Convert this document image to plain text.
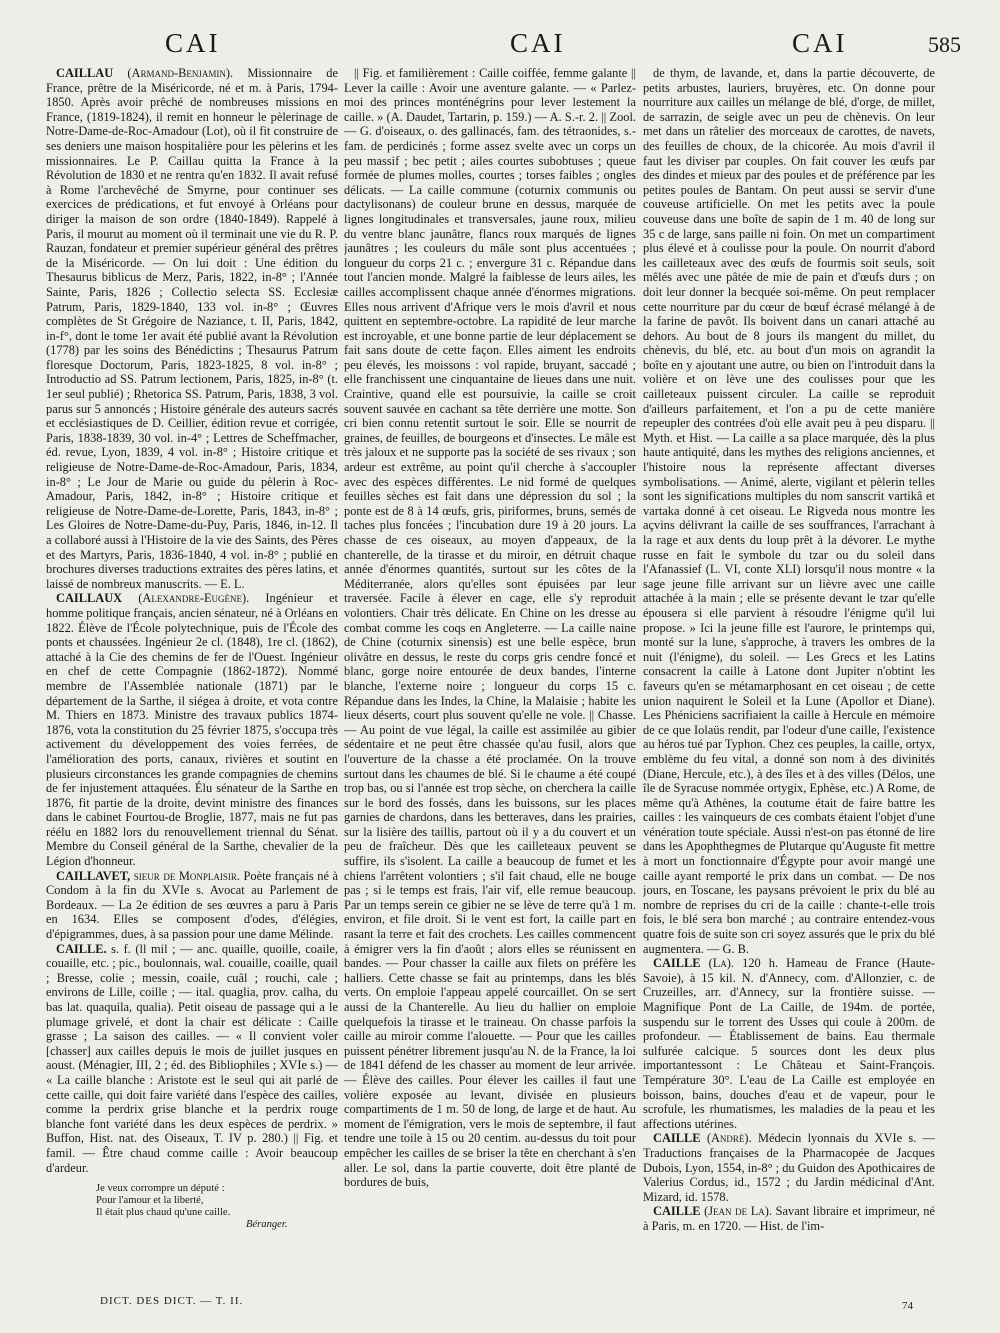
CAI	CAI	CAI	585

CAILLAU (Armand-Benjamin). Missionnaire de France, prêtre de la Miséricorde, né et m. à Paris, 1794-1850. Après avoir prêché de nombreuses missions en France, (1819-1824), il remit en honneur le pèlerinage de Notre-Dame-de-Roc-Amadour (Lot), où il fit construire de ses deniers une maison hospitalière pour les pèlerins et les missionnaires. Le P. Caillau quitta la France à la Révolution de 1830 et ne rentra qu'en 1832. Il avait refusé à Rome l'archevêché de Smyrne, pour continuer ses exercices de prédications, et fut envoyé à Orléans pour diriger la maison de son ordre (1840-1849). Rappelé à Paris, il mourut au moment où il terminait une vie du R. P. Rauzan, fondateur et premier supérieur général des prêtres de la Miséricorde. — On lui doit : Une édition du Thesaurus biblicus de Merz, Paris, 1822, in-8° ; l'Année Sainte, Paris, 1826 ; Collectio selecta SS. Ecclesiæ Patrum, Paris, 1829-1840, 133 vol. in-8° ; Œuvres complètes de St Grégoire de Naziance, t. II, Paris, 1842, in-f°, dont le tome 1er avait été publié avant la Révolution (1778) par les soins des Bénédictins ; Thesaurus Patrum floresque Doctorum, Paris, 1823-1825, 8 vol. in-8° ; Introductio ad SS. Patrum lectionem, Paris, 1825, in-8° (t. 1er seul publié) ; Rhetorica SS. Patrum, Paris, 1838, 3 vol. parus sur 5 annoncés ; Histoire générale des auteurs sacrés et ecclésiastiques de D. Ceillier, édition revue et corrigée, Paris, 1838-1839, 30 vol. in-4° ; Lettres de Scheffmacher, éd. revue, Lyon, 1839, 4 vol. in-8° ; Histoire critique et religieuse de Notre-Dame-de-Roc-Amadour, Paris, 1834, in-8° ; Le Jour de Marie ou guide du pèlerin à Roc-Amadour, Paris, 1842, in-8° ; Histoire critique et religieuse de Notre-Dame-de-Lorette, Paris, 1843, in-8° ; Les Gloires de Notre-Dame-du-Puy, Paris, 1846, in-12. Il a collaboré aussi à l'Histoire de la vie des Saints, des Pères et des Martyrs, Paris, 1836-1840, 4 vol. in-8° ; publié en brochures diverses traductions extraites des pères latins, et laissé de nombreux manuscrits. — E. L.

CAILLAUX (Alexandre-Eugène). Ingénieur et homme politique français, ancien sénateur, né à Orléans en 1822. Élève de l'École polytechnique, puis de l'École des ponts et chaussées. Ingénieur 2e cl. (1848), 1re cl. (1862), attaché à la Cie des chemins de fer de l'Ouest. Ingénieur en chef de cette Compagnie (1862-1872). Nommé membre de l'Assemblée nationale (1871) par le département de la Sarthe, il siégea à droite, et vota contre M. Thiers en 1873. Ministre des travaux publics 1874-1876, vota la constitution du 25 février 1875, s'occupa très activement du développement des voies ferrées, de l'amélioration des ports, canaux, rivières et soutint en plusieurs circonstances les grande compagnies de chemins de fer injustement attaquées. Élu sénateur de la Sarthe en 1876, fit partie de la droite, devint ministre des finances dans le cabinet Fourtou-de Broglie, 1877, mais ne fut pas réélu en 1882 lors du renouvellement triennal du Sénat. Membre du Conseil général de la Sarthe, chevalier de la Légion d'honneur.

CAILLAVET, sieur de Monplaisir. Poète français né à Condom à la fin du XVIe s. Avocat au Parlement de Bordeaux. — La 2e édition de ses œuvres a paru à Paris en 1634. Elles se composent d'odes, d'élégies, d'épigrammes, dues, à sa passion pour une dame Mélinde.

CAILLE. s. f. (ll mil ; — anc. quaille, quoille, coaile, couaille, etc. ; pic., boulonnais, wal. couaille, coaille, quail ; Bresse, colie ; messin, coaile, cuâl ; rouchi, cale ; environs de Lille, coille ; — ital. quaglia, prov. calha, du bas lat. quaquila, qualia). Petit oiseau de passage qui a le plumage grivelé, et dont la chair est délicate : Caille grasse ; La saison des cailles. — « Il convient voler [chasser] aux cailles depuis le mois de juillet jusques en aoust. (Ménagier, III, 2 ; éd. des Bibliophiles ; XVIe s.) — « La caille blanche : Aristote est le seul qui ait parlé de cette caille, qui doit faire variété dans l'espèce des cailles, comme la perdrix grise blanche et la perdrix rouge blanche font variété dans les deux espèces de perdrix. » Buffon, Hist. nat. des Oiseaux, T. IV p. 280.) || Fig. et famil. — Être chaud comme caille : Avoir beaucoup d'ardeur.

Je veux corrompre un député :
Pour l'amour et la liberté,
Il était plus chaud qu'une caille.
Béranger.

|| Fig. et familièrement : Caille coiffée, femme galante || Lever la caille : Avoir une aventure galante. — « Parlez-moi des princes monténégrins pour lever lestement la caille. » (A. Daudet, Tartarin, p. 159.) — A. S.-r. 2. || Zool. — G. d'oiseaux, o. des gallinacés, fam. des tétraonides, s.-fam. de perdicinés ; forme assez svelte avec un corps un peu massif ; bec petit ; ailes courtes subobtuses ; queue formée de plumes molles, courtes ; torses faibles ; ongles délicats. — La caille commune (coturnix communis ou dactylisonans) de couleur brune en dessus, marquée de lignes longitudinales et transversales, jaune roux, milieu du ventre blanc jaunâtre, flancs roux marqués de lignes jaunâtres ; les couleurs du mâle sont plus accentuées ; longueur du corps 21 c. ; envergure 31 c. Répandue dans tout l'ancien monde. Malgré la faiblesse de leurs ailes, les cailles accomplissent chaque année d'énormes migrations. Elles nous arrivent d'Afrique vers le mois d'avril et nous quittent en septembre-octobre. La rapidité de leur marche est incroyable, et une bonne partie de leur déplacement se fait sans doute de cette façon. Elles aiment les endroits peu élevés, les moissons : vol rapide, bruyant, saccadé ; elle franchissent une cinquantaine de lieues dans une nuit. Craintive, quand elle est poursuivie, la caille se croit souvent sauvée en cachant sa tête derrière une motte. Son cri bien connu retentit surtout le soir. Elle se nourrit de graines, de feuilles, de bourgeons et d'insectes. Le mâle est très jaloux et ne supporte pas la société de ses rivaux ; son ardeur est extrême, au point qu'il cherche à s'accoupler avec des espèces différentes. Le nid formé de quelques feuilles sèches est fait dans une dépression du sol ; la ponte est de 8 à 14 œufs, gris, piriformes, bruns, semés de taches plus foncées ; l'incubation dure 19 à 20 jours. La chasse de ces oiseaux, au moyen d'appeaux, de la chanterelle, de la tirasse et du miroir, en détruit chaque année d'énormes quantités, surtout sur les côtes de la Méditerranée, alors qu'elles sont épuisées par leur traversée. Facile à élever en cage, elle s'y reproduit volontiers. Chair très délicate. En Chine on les dresse au combat comme les coqs en Angleterre. — La caille naine de Chine (coturnix sinensis) est une belle espèce, brun olivâtre en dessus, le reste du corps gris cendre foncé et blanc, gorge noire entourée de deux bandes, l'interne blanche, l'externe noire ; longueur du corps 15 c. Répandue dans les Indes, la Chine, la Malaisie ; habite les lieux déserts, court plus souvent qu'elle ne vole. || Chasse. — Au point de vue légal, la caille est assimilée au gibier sédentaire et ne peut être chassée qu'au fusil, alors que l'ouverture de la chasse a été proclamée. On la trouve surtout dans les chaumes de blé. Si le chaume a été coupé trop bas, ou si l'année est trop sèche, on cherchera la caille sur le bord des fossés, dans les buissons, sur les places garnies de chardons, dans les betteraves, dans les prairies, sur la lisière des taillis, partout où il y a du couvert et un peu de fraîcheur. Dès que les cailleteaux peuvent se suffire, ils s'isolent. La caille a beaucoup de fumet et les chiens l'arrêtent volontiers ; s'il fait chaud, elle ne bouge pas ; si le temps est frais, l'air vif, elle remue beaucoup. Par un temps serein ce gibier ne se lève de terre qu'à 1 m. environ, et file droit. Si le vent est fort, la caille part en rasant la terre et fait des crochets. Les cailles commencent à émigrer vers la fin d'août ; alors elles se réunissent en bandes. — Pour chasser la caille aux filets on préfère les halliers. Cette chasse se fait au printemps, dans les blés verts. On emploie l'appeau appelé courcaillet. On se sert aussi de la Chanterelle. Au lieu du hallier on emploie quelquefois la tirasse et le traineau. On chasse parfois la caille au miroir comme l'alouette. — Pour que les cailles puissent pénétrer librement jusqu'au N. de la France, la loi de 1841 défend de les chasser au moment de leur arrivée. — Élève des cailles. Pour élever les cailles il faut une volière exposée au levant, divisée en plusieurs compartiments de 1 m. 50 de long, de large et de haut. Au moment de l'émigration, vers le mois de septembre, il faut tendre une toile à 15 ou 20 centim. au-dessus du toit pour empêcher les cailles de se briser la tête en cherchant à s'en aller. Le sol, dans la partie couverte, doit être planté de bordures de buis,

de thym, de lavande, et, dans la partie découverte, de petits arbustes, lauriers, bruyères, etc. On donne pour nourriture aux cailles un mélange de blé, d'orge, de millet, de sarrazin, de seigle avec un peu de chènevis. On leur met dans un râtelier des morceaux de carottes, de navets, des feuilles de choux, de la chicorée. Au mois d'avril il faut les diviser par couples. On fait couver les œufs par des dindes et mieux par des poules et de préférence par les petites poules de Bantam. On peut aussi se servir d'une couveuse artificielle. On met les petits avec la poule couveuse dans une boîte de sapin de 1 m. 40 de long sur 35 c de large, sans paille ni foin. On met un compartiment plus élevé et à coulisse pour la poule. On nourrit d'abord les cailleteaux avec des œufs de fourmis soit seuls, soit mêlés avec une pâtée de mie de pain et d'œufs durs ; on doit leur donner la becquée soi-même. On peut remplacer cette nourriture par du cœur de bœuf écrasé mélangé à de la farine de pavôt. Ils boivent dans un canari attaché au dehors. Au bout de 8 jours ils mangent du millet, du chènevis, du blé, etc. au bout d'un mois on agrandit la boîte en y ajoutant une autre, ou bien on l'introduit dans la volière et on lève une des coulisses pour que les cailleteaux puissent circuler. La caille se reproduit d'ailleurs parfaitement, et l'on a pu de cette manière repeupler des contrées d'où elle avait peu à peu disparu. || Myth. et Hist. — La caille a sa place marquée, dès la plus haute antiquité, dans les mythes des religions anciennes, et l'histoire nous la représente affectant diverses symbolisations. — Animé, alerte, vigilant et pèlerin telles sont les significations multiples du nom sanscrit vartikâ et vartaka donné à cet oiseau. Le Rigveda nous montre les açvins délivrant la caille de ses souffrances, l'arrachant à la rage et aux dents du loup prêt à la dévorer. Le mythe russe en fait le symbole du tzar ou du soleil dans l'Afanassief (L. VI, conte XLI) lorsqu'il nous montre « la sage jeune fille arrivant sur un lièvre avec une caille attachée à la main ; elle se présente devant le tzar qu'elle épousera si elle parvient à résoudre l'énigme qu'il lui propose. » Ici la jeune fille est l'aurore, le printemps qui, monté sur la lune, s'approche, à travers les ombres de la nuit (l'énigme), du soleil. — Les Grecs et les Latins consacrent la caille à Latone dont Jupiter n'obtint les faveurs qu'en se métamarphosant en cet oiseau ; de cette union naquirent le Soleil et la Lune (Apollor et Diane). Les Phéniciens sacrifiaient la caille à Hercule en mémoire de ce que Iolaüs rendit, par l'odeur d'une caille, l'existence au héros tué par Typhon. Chez ces peuples, la caille, ortyx, emblème du feu vital, a donné son nom à des divinités (Diane, Hercule, etc.), à des îles et à des villes (Délos, une île de Syracuse nommée ortygix, Ephèse, etc.) A Rome, de même qu'à Athènes, la coutume était de faire battre les cailles : les vainqueurs de ces combats étaient l'objet d'une vénération toute spéciale. Aussi n'est-on pas étonné de lire dans les Apophthegmes de Plutarque qu'Auguste fit mettre à mort un fonctionnaire d'Égypte pour avoir mangé une caille ayant remporté le prix dans un combat. — De nos jours, en Toscane, les paysans prévoient le prix du blé au nombre de reprises du cri de la caille : chante-t-elle trois fois, le blé sera bon marché ; au contraire entendez-vous quatre fois de suite son cri soyez assurés que le prix du blé augmentera. — G. B.

CAILLE (La). 120 h. Hameau de France (Haute-Savoie), à 15 kil. N. d'Annecy, com. d'Allonzier, c. de Cruzeilles, arr. d'Annecy, sur la frontière suisse. — Magnifique Pont de La Caille, de 194m. de portée, suspendu sur le torrent des Usses qui coule à 200m. de profondeur. — Établissement de bains. Eau thermale sulfurée calcique. 5 sources dont les deux plus importantessont : Le Château et Saint-François. Température 30°. L'eau de La Caille est employée en boisson, bains, douches d'eau et de vapeur, pour le scrofule, les rhumatismes, les maladies de la peau et les affections utérines.

CAILLE (André). Médecin lyonnais du XVIe s. — Traductions françaises de la Pharmacopée de Jacques Dubois, Lyon, 1554, in-8° ; du Guidon des Apothicaires de Valerius Cordus, id., 1572 ; du Jardin médicinal d'Ant. Mizard, id. 1578.

CAILLE (Jean de La). Savant libraire et imprimeur, né à Paris, m. en 1720. — Hist. de l'im-

DICT. DES DICT. — T. II.	74
